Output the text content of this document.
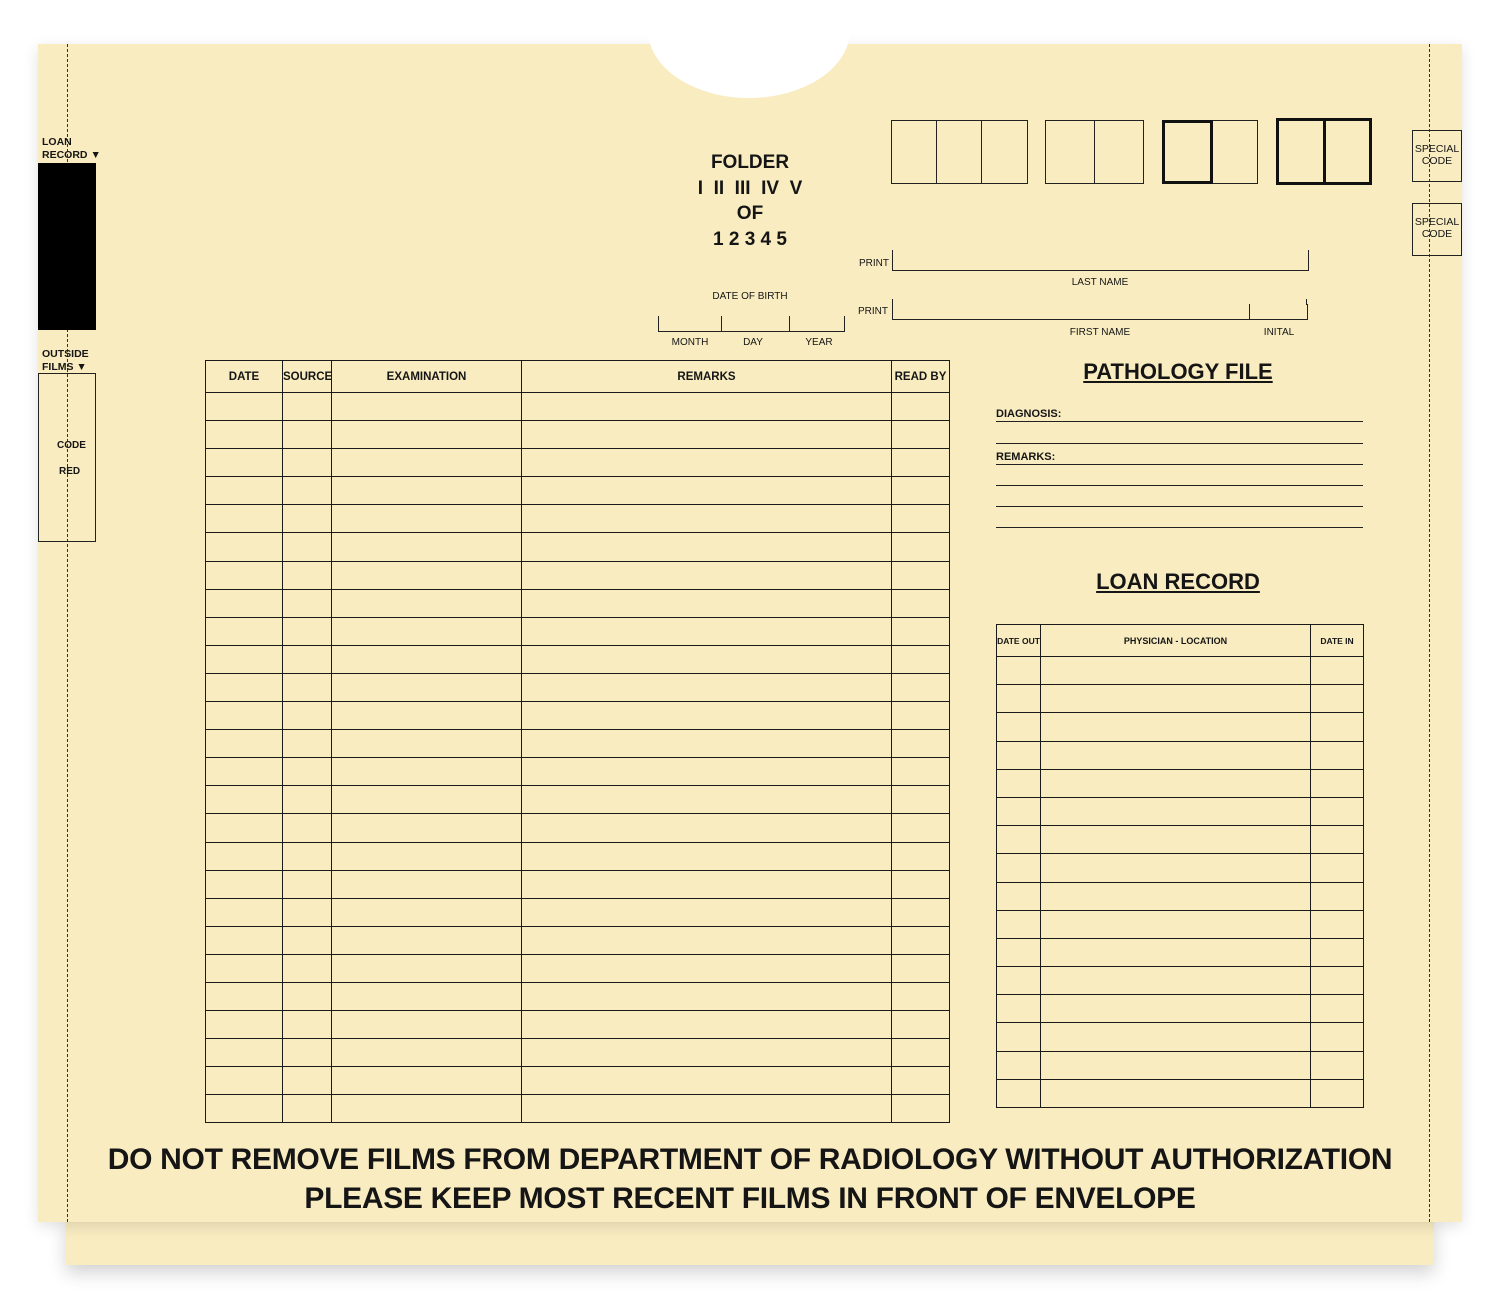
LOAN RECORD ▼
OUTSIDE FILMS ▼
CODE
RED
FOLDER
I  II  III  IV  V
OF
1 2 3 4 5
SPECIAL CODE
SPECIAL CODE
PRINT
LAST NAME
PRINT
FIRST NAME	INITAL
DATE OF BIRTH
MONTH	DAY	YEAR
DATE	SOURCE	EXAMINATION	REMARKS	READ BY

					PATHOLOGY FILE
DIAGNOSIS:
REMARKS:
LOAN RECORD
DATE OUT	PHYSICIAN - LOCATION	DATE IN

DO NOT REMOVE FILMS FROM DEPARTMENT OF RADIOLOGY WITHOUT AUTHORIZATION
PLEASE KEEP MOST RECENT FILMS IN FRONT OF ENVELOPE
